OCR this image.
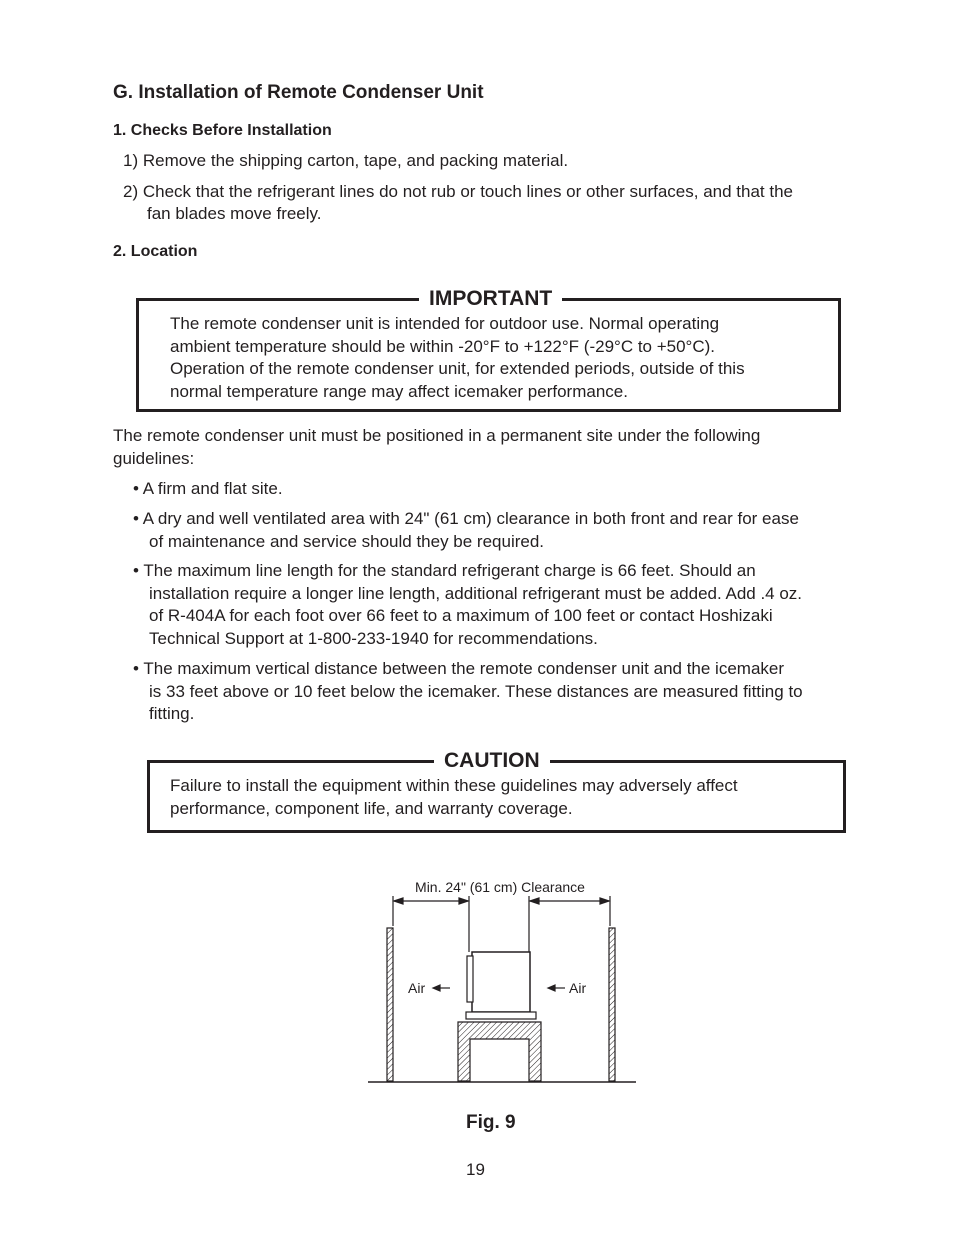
G. Installation of Remote Condenser Unit
1. Checks Before Installation
1) Remove the shipping carton, tape, and packing material.
2) Check that the refrigerant lines do not rub or touch lines or other surfaces, and that the
fan blades move freely.
2. Location
IMPORTANT
The remote condenser unit is intended for outdoor use. Normal operating
ambient temperature should be within -20°F to +122°F (-29°C to +50°C).
Operation of the remote condenser unit, for extended periods, outside of this
normal temperature range may affect icemaker performance.
The remote condenser unit must be positioned in a permanent site under the following
guidelines:
• A firm and flat site.
• A dry and well ventilated area with 24" (61 cm) clearance in both front and rear for ease
of maintenance and service should they be required.
• The maximum line length for the standard refrigerant charge is 66 feet. Should an
installation require a longer line length, additional refrigerant must be added. Add .4 oz.
of R-404A for each foot over 66 feet to a maximum of 100 feet or contact Hoshizaki
Technical Support at 1-800-233-1940 for recommendations.
• The maximum vertical distance between the remote condenser unit and the icemaker
is 33 feet above or 10 feet below the icemaker. These distances are measured fitting to
fitting.
CAUTION
Failure to install the equipment within these guidelines may adversely affect
performance, component life, and warranty coverage.
Min. 24" (61 cm) Clearance
Air	Air
Fig. 9
19
